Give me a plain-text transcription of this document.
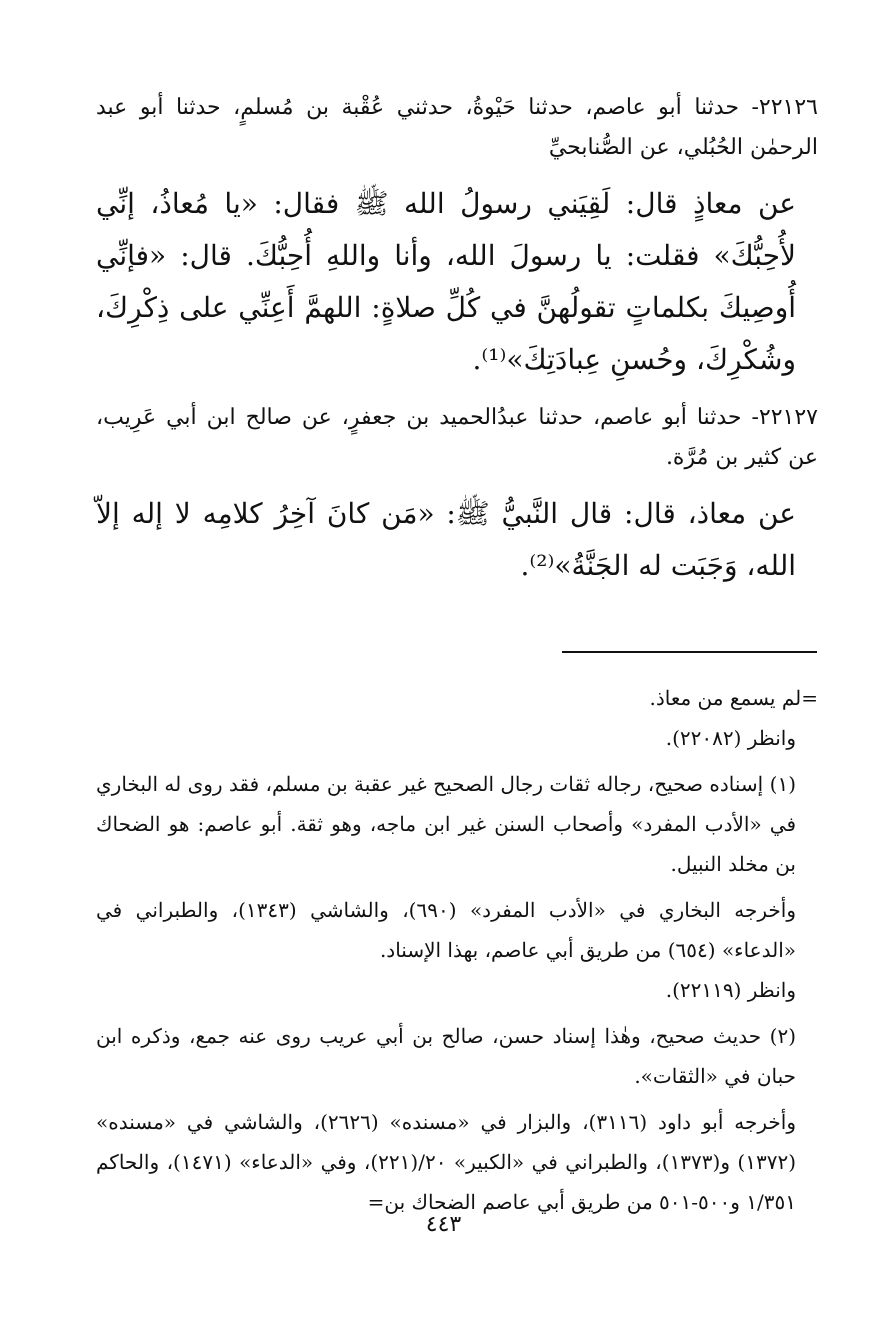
٢٢١٢٦- حدثنا أبو عاصم، حدثنا حَيْوةُ، حدثني عُقْبة بن مُسلمٍ، حدثنا أبو عبد الرحمٰن الحُبُلي، عن الصُّنابحيِّ

عن معاذٍ قال: لَقِيَني رسولُ الله ﷺ فقال: «يا مُعاذُ، إنِّي لأُحِبُّكَ» فقلت: يا رسولَ الله، وأنا واللهِ أُحِبُّكَ. قال: «فإنِّي أُوصِيكَ بكلماتٍ تقولُهنَّ في كُلِّ صلاةٍ: اللهمَّ أَعِنِّي على ذِكْرِكَ، وشُكْرِكَ، وحُسنِ عِبادَتِكَ»⁽¹⁾.

٢٢١٢٧- حدثنا أبو عاصم، حدثنا عبدُالحميد بن جعفرٍ، عن صالح ابن أبي عَرِيب، عن كثير بن مُرَّة.

عن معاذ، قال: قال النَّبيُّ ﷺ: «مَن كانَ آخِرُ كلامِه لا إله إلاّ الله، وَجَبَت له الجَنَّةُ»⁽²⁾.

=لم يسمع من معاذ.

وانظر (٢٢٠٨٢).

(١) إسناده صحيح، رجاله ثقات رجال الصحيح غير عقبة بن مسلم، فقد روى له البخاري في «الأدب المفرد» وأصحاب السنن غير ابن ماجه، وهو ثقة. أبو عاصم: هو الضحاك بن مخلد النبيل.

وأخرجه البخاري في «الأدب المفرد» (٦٩٠)، والشاشي (١٣٤٣)، والطبراني في «الدعاء» (٦٥٤) من طريق أبي عاصم، بهذا الإسناد.

وانظر (٢٢١١٩).

(٢) حديث صحيح، وهٰذا إسناد حسن، صالح بن أبي عريب روى عنه جمع، وذكره ابن حبان في «الثقات».

وأخرجه أبو داود (٣١١٦)، والبزار في «مسنده» (٢٦٢٦)، والشاشي في «مسنده» (١٣٧٢) و(١٣٧٣)، والطبراني في «الكبير» ٢٠/(٢٢١)، وفي «الدعاء» (١٤٧١)، والحاكم ١/٣٥١ و٥٠٠-٥٠١ من طريق أبي عاصم الضحاك بن=

٤٤٣
